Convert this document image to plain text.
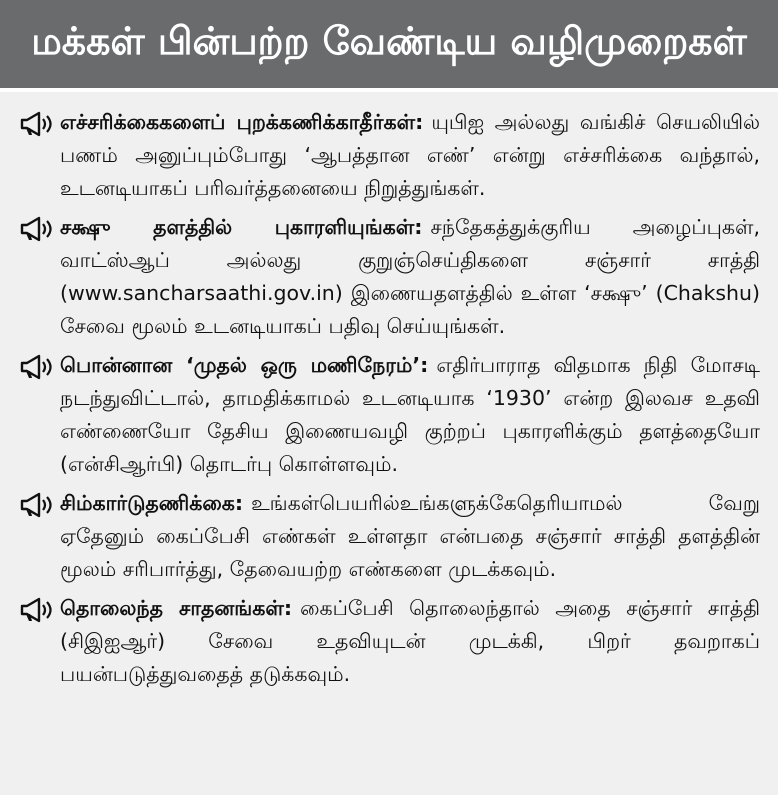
மக்கள் பின்பற்ற வேண்டிய வழிமுறைகள்
எச்சரிக்கைகளைப் புறக்கணிக்காதீர்கள்: யுபிஐ அல்லது வங்கிச் செயலியில் பணம் அனுப்பும்போது ‘ஆபத்தான எண்’ என்று எச்சரிக்கை வந்தால், உடனடியாகப் பரிவர்த்தனையை நிறுத்துங்கள்.
சக்ஷு தளத்தில் புகாரளியுங்கள்: சந்தேகத்துக்குரிய அழைப்புகள், வாட்ஸ்ஆப் அல்லது குறுஞ்செய்திகளை சஞ்சார் சாத்தி (www.sancharsaathi.gov.in) இணையதளத்தில் உள்ள ‘சக்ஷு’ (Chakshu) சேவை மூலம் உடனடியாகப் பதிவு செய்யுங்கள்.
பொன்னான ‘முதல் ஒரு மணிநேரம்’: எதிர்பாராத விதமாக நிதி மோசடி நடந்துவிட்டால், தாமதிக்காமல் உடனடியாக ‘1930’ என்ற இலவச உதவி எண்ணையோ தேசிய இணையவழி குற்றப் புகாரளிக்கும் தளத்தையோ (என்சிஆர்பி) தொடர்பு கொள்ளவும்.
சிம்கார்டுதணிக்கை: உங்கள்பெயரில்உங்களுக்கேதெரியாமல் வேறு ஏதேனும் கைப்பேசி எண்கள் உள்ளதா என்பதை சஞ்சார் சாத்தி தளத்தின் மூலம் சரிபார்த்து, தேவையற்ற எண்களை முடக்கவும்.
தொலைந்த சாதனங்கள்: கைப்பேசி தொலைந்தால் அதை சஞ்சார் சாத்தி (சிஇஐஆர்) சேவை உதவியுடன் முடக்கி, பிறர் தவறாகப் பயன்படுத்துவதைத் தடுக்கவும்.
